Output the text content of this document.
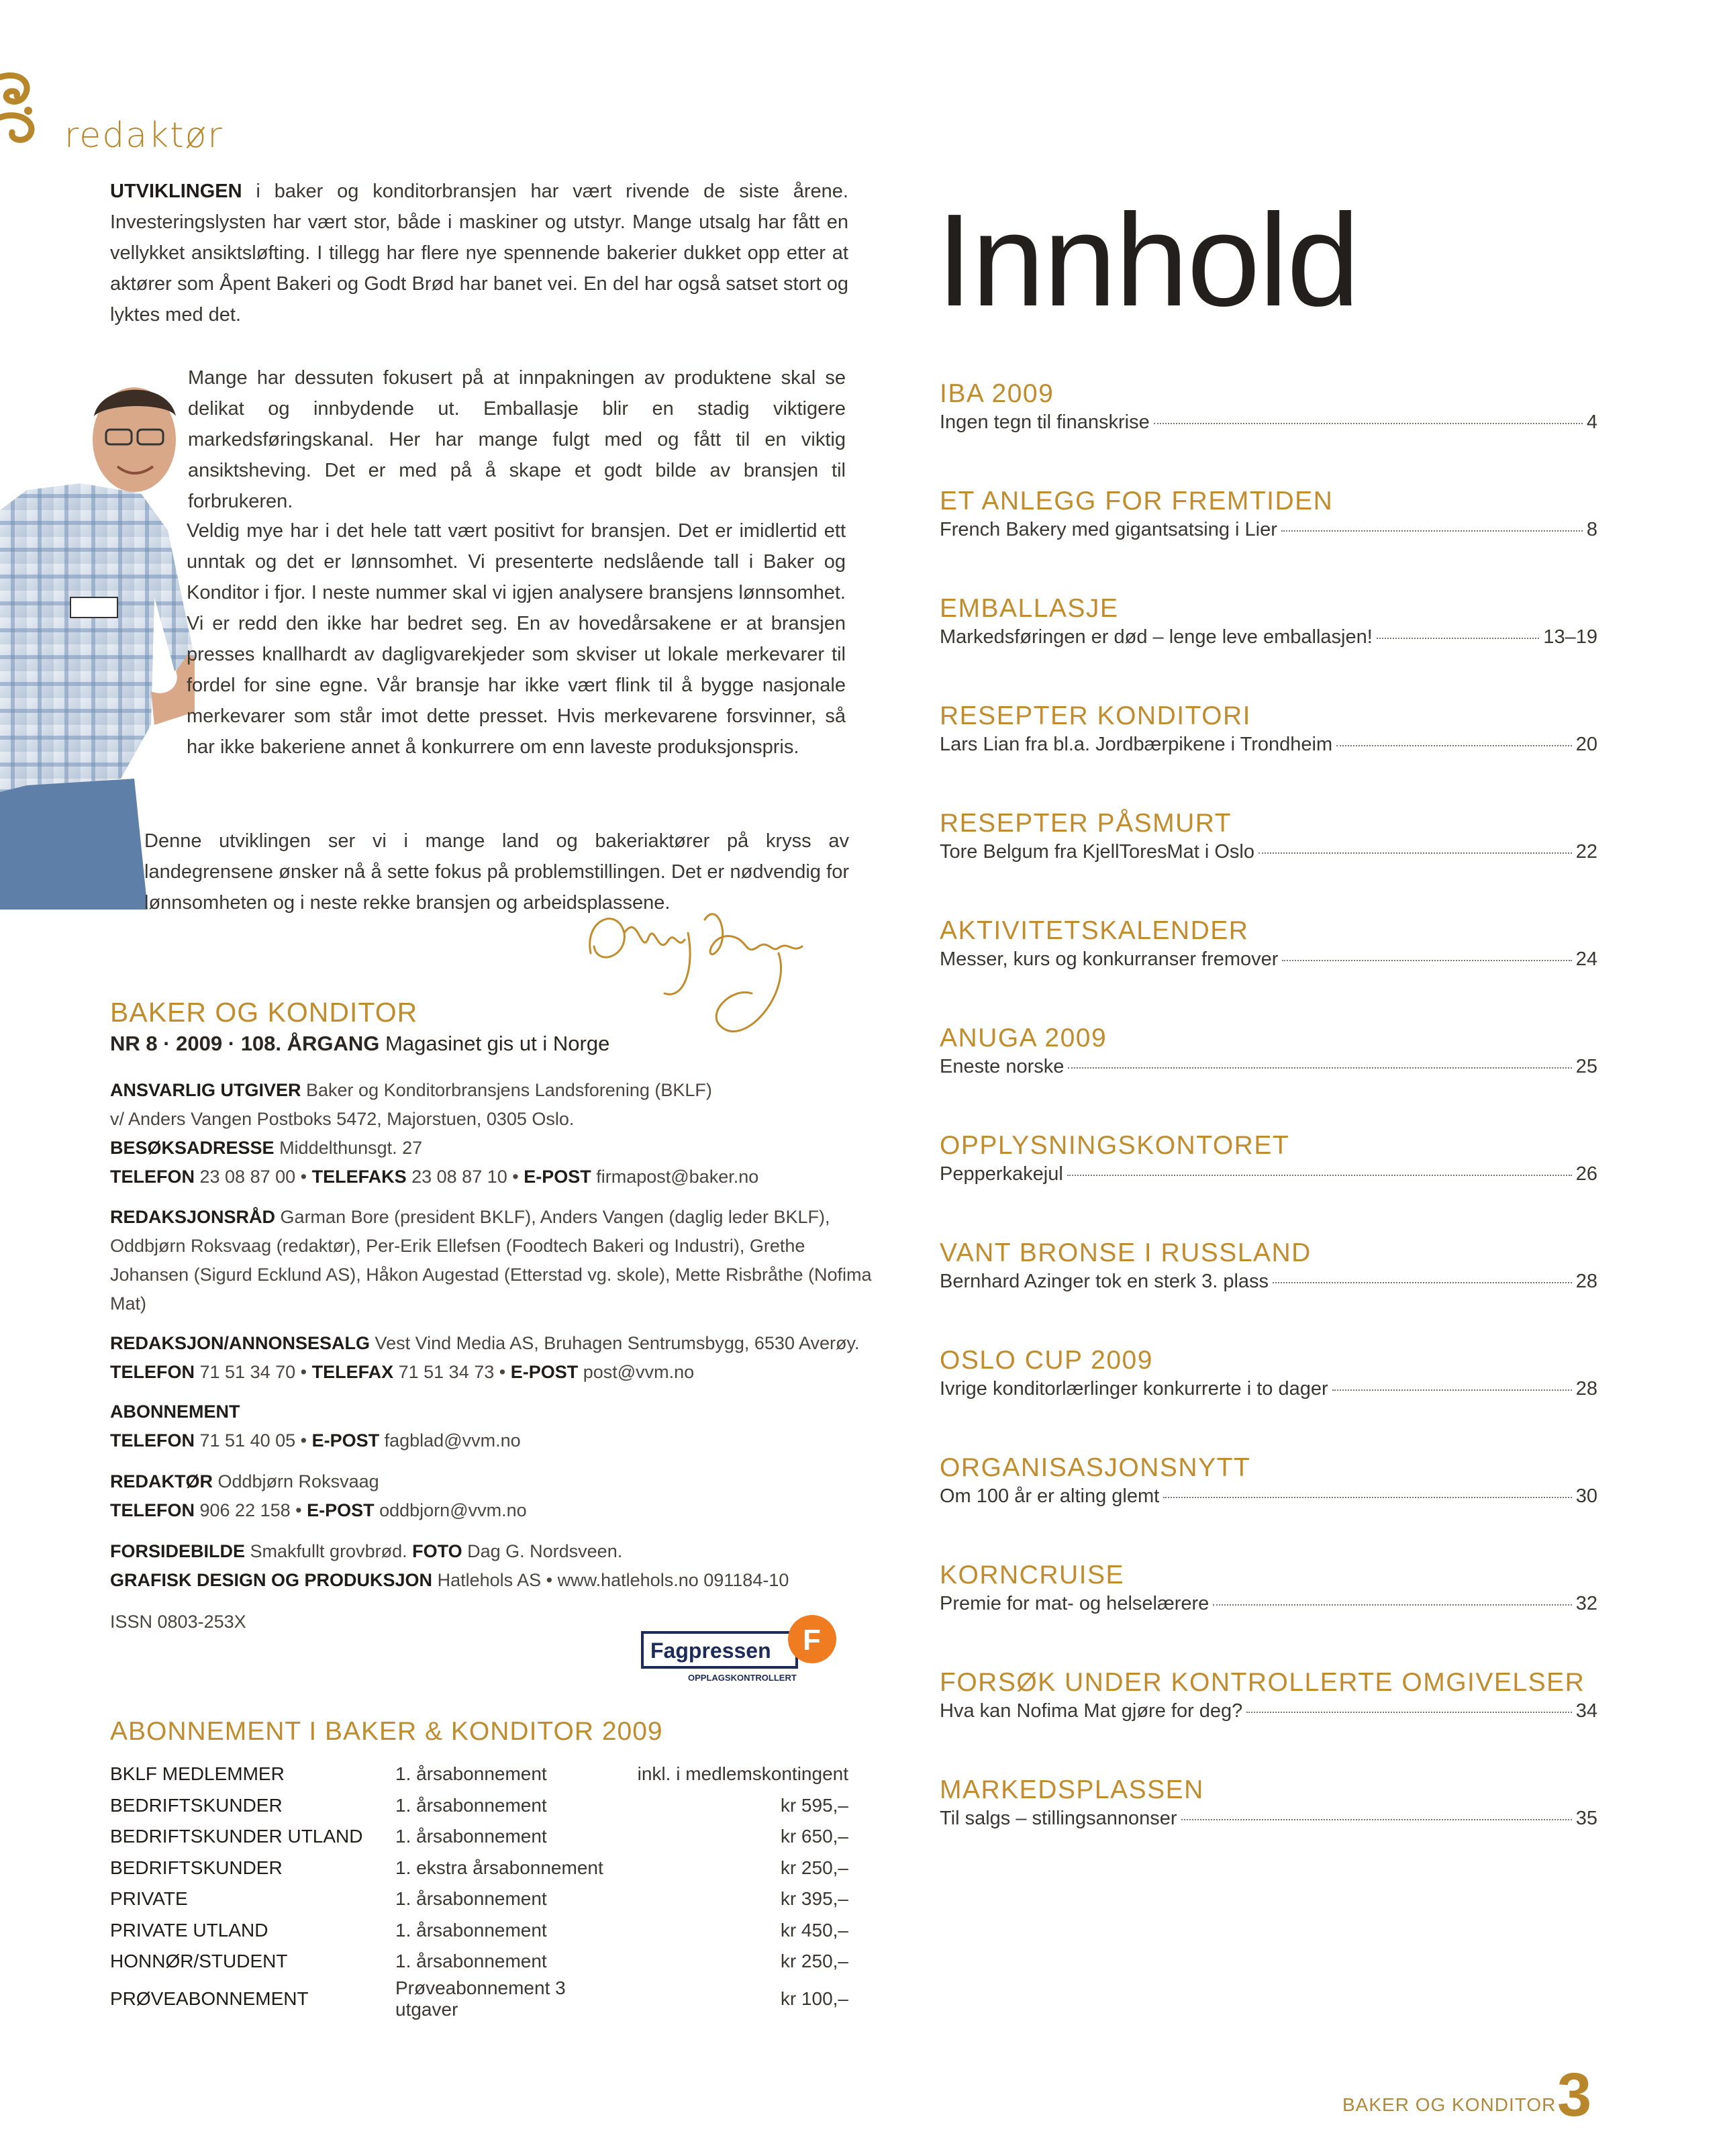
redaktør

UTVIKLINGEN i baker og konditorbransjen har vært rivende de siste årene. Investeringslysten har vært stor, både i maskiner og utstyr. Mange utsalg har fått en vellykket ansiktsløfting. I tillegg har flere nye spennende bakerier dukket opp etter at aktører som Åpent Bakeri og Godt Brød har banet vei. En del har også satset stort og lyktes med det.

Mange har dessuten fokusert på at innpakningen av produktene skal se delikat og innbydende ut. Emballasje blir en stadig viktigere markedsføringskanal. Her har mange fulgt med og fått til en viktig ansiktsheving. Det er med på å skape et godt bilde av bransjen til forbrukeren.

Veldig mye har i det hele tatt vært positivt for bransjen. Det er imidlertid ett unntak og det er lønnsomhet. Vi presenterte nedslående tall i Baker og Konditor i fjor. I neste nummer skal vi igjen analysere bransjens lønnsomhet. Vi er redd den ikke har bedret seg. En av hovedårsakene er at bransjen presses knallhardt av dagligvarekjeder som skviser ut lokale merkevarer til fordel for sine egne. Vår bransje har ikke vært flink til å bygge nasjonale merkevarer som står imot dette presset. Hvis merkevarene forsvinner, så har ikke bakeriene annet å konkurrere om enn laveste produksjonspris.

Denne utviklingen ser vi i mange land og bakeriaktører på kryss av landegrensene ønsker nå å sette fokus på problemstillingen. Det er nødvendig for lønnsomheten og i neste rekke bransjen og arbeidsplassene.

BAKER OG KONDITOR
NR 8 · 2009 · 108. ÅRGANG Magasinet gis ut i Norge
ANSVARLIG UTGIVER Baker og Konditorbransjens Landsforening (BKLF)
v/ Anders Vangen Postboks 5472, Majorstuen, 0305 Oslo.
BESØKSADRESSE Middelthunsgt. 27
TELEFON 23 08 87 00 • TELEFAKS 23 08 87 10 • E-POST firmapost@baker.no
REDAKSJONSRÅD Garman Bore (president BKLF), Anders Vangen (daglig leder BKLF), Oddbjørn Roksvaag (redaktør), Per-Erik Ellefsen (Foodtech Bakeri og Industri), Grethe Johansen (Sigurd Ecklund AS), Håkon Augestad (Etterstad vg. skole), Mette Risbråthe (Nofima Mat)
REDAKSJON/ANNONSESALG Vest Vind Media AS, Bruhagen Sentrumsbygg, 6530 Averøy.
TELEFON 71 51 34 70 • TELEFAX 71 51 34 73 • E-POST post@vvm.no
ABONNEMENT
TELEFON 71 51 40 05 • E-POST fagblad@vvm.no
REDAKTØR Oddbjørn Roksvaag
TELEFON 906 22 158 • E-POST oddbjorn@vvm.no
FORSIDEBILDE Smakfullt grovbrød. FOTO Dag G. Nordsveen.
GRAFISK DESIGN OG PRODUKSJON Hatlehols AS • www.hatlehols.no 091184-10
ISSN 0803-253X
Fagpressen F
OPPLAGSKONTROLLERT
ABONNEMENT I BAKER & KONDITOR 2009
BKLF MEDLEMMER	1. årsabonnement	inkl. i medlemskontingent
BEDRIFTSKUNDER	1. årsabonnement	kr 595,–
BEDRIFTSKUNDER UTLAND	1. årsabonnement	kr 650,–
BEDRIFTSKUNDER	1. ekstra årsabonnement	kr 250,–
PRIVATE	1. årsabonnement	kr 395,–
PRIVATE UTLAND	1. årsabonnement	kr 450,–
HONNØR/STUDENT	1. årsabonnement	kr 250,–
PRØVEABONNEMENT	Prøveabonnement 3 utgaver	kr 100,–
Innhold
IBA 2009
Ingen tegn til finanskrise	4
ET ANLEGG FOR FREMTIDEN
French Bakery med gigantsatsing i Lier	8
EMBALLASJE
Markedsføringen er død – lenge leve emballasjen!	13–19
RESEPTER KONDITORI
Lars Lian fra bl.a. Jordbærpikene i Trondheim	20
RESEPTER PÅSMURT
Tore Belgum fra KjellToresMat i Oslo	22
AKTIVITETSKALENDER
Messer, kurs og konkurranser fremover	24
ANUGA 2009
Eneste norske	25
OPPLYSNINGSKONTORET
Pepperkakejul	26
VANT BRONSE I RUSSLAND
Bernhard Azinger tok en sterk 3. plass	28
OSLO CUP 2009
Ivrige konditorlærlinger konkurrerte i to dager	28
ORGANISASJONSNYTT
Om 100 år er alting glemt	30
KORNCRUISE
Premie for mat- og helselærere	32
FORSØK UNDER KONTROLLERTE OMGIVELSER
Hva kan Nofima Mat gjøre for deg?	34
MARKEDSPLASSEN
Til salgs – stillingsannonser	35
BAKER OG KONDITOR 3
